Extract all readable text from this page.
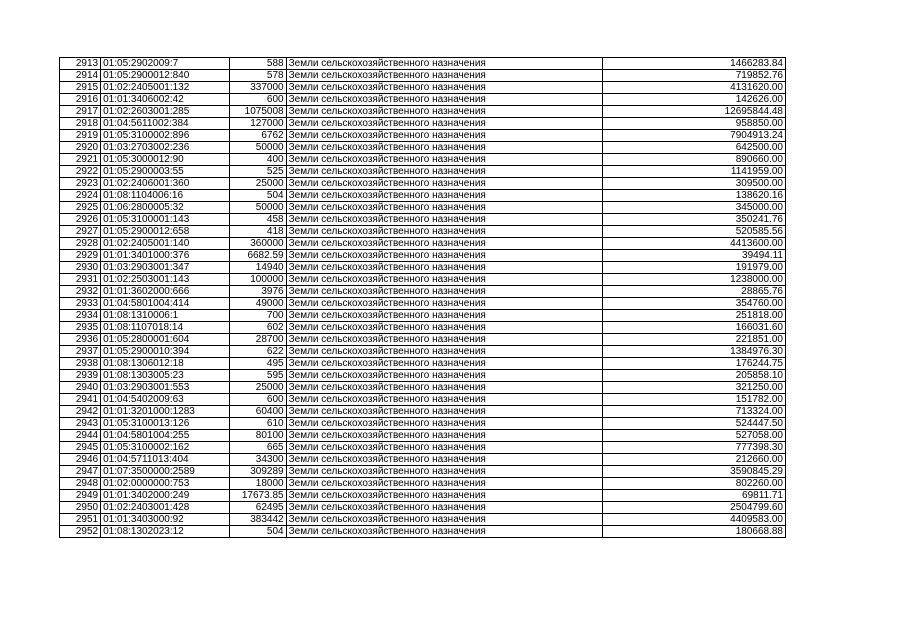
2913	01:05:2902009:7	588	Земли сельскохозяйственного назначения	1466283.84
2914	01:05:2900012:840	578	Земли сельскохозяйственного назначения	719852.76
2915	01:02:2405001:132	337000	Земли сельскохозяйственного назначения	4131620.00
2916	01:01:3406002:42	600	Земли сельскохозяйственного назначения	142626.00
2917	01:02:2603001:285	1075008	Земли сельскохозяйственного назначения	12695844.48
2918	01:04:5611002:384	127000	Земли сельскохозяйственного назначения	958850.00
2919	01:05:3100002:896	6762	Земли сельскохозяйственного назначения	7904913.24
2920	01:03:2703002:236	50000	Земли сельскохозяйственного назначения	642500.00
2921	01:05:3000012:90	400	Земли сельскохозяйственного назначения	890660.00
2922	01:05:2900003:55	525	Земли сельскохозяйственного назначения	1141959.00
2923	01:02:2406001:360	25000	Земли сельскохозяйственного назначения	309500.00
2924	01:08:1104006:16	504	Земли сельскохозяйственного назначения	138620.16
2925	01:06:2800005:32	50000	Земли сельскохозяйственного назначения	345000.00
2926	01:05:3100001:143	458	Земли сельскохозяйственного назначения	350241.76
2927	01:05:2900012:658	418	Земли сельскохозяйственного назначения	520585.56
2928	01:02:2405001:140	360000	Земли сельскохозяйственного назначения	4413600.00
2929	01:01:3401000:376	6682.59	Земли сельскохозяйственного назначения	39494.11
2930	01:03:2903001:347	14940	Земли сельскохозяйственного назначения	191979.00
2931	01:02:2503001:143	100000	Земли сельскохозяйственного назначения	1238000.00
2932	01:01:3602000:666	3976	Земли сельскохозяйственного назначения	28865.76
2933	01:04:5801004:414	49000	Земли сельскохозяйственного назначения	354760.00
2934	01:08:1310006:1	700	Земли сельскохозяйственного назначения	251818.00
2935	01:08:1107018:14	602	Земли сельскохозяйственного назначения	166031.60
2936	01:05:2800001:604	28700	Земли сельскохозяйственного назначения	221851.00
2937	01:05:2900010:394	622	Земли сельскохозяйственного назначения	1384976.30
2938	01:08:1306012:18	495	Земли сельскохозяйственного назначения	176244.75
2939	01:08:1303005:23	595	Земли сельскохозяйственного назначения	205858.10
2940	01:03:2903001:553	25000	Земли сельскохозяйственного назначения	321250.00
2941	01:04:5402009:63	600	Земли сельскохозяйственного назначения	151782.00
2942	01:01:3201000:1283	60400	Земли сельскохозяйственного назначения	713324.00
2943	01:05:3100013:126	610	Земли сельскохозяйственного назначения	524447.50
2944	01:04:5801004:255	80100	Земли сельскохозяйственного назначения	527058.00
2945	01:05:3100002:162	665	Земли сельскохозяйственного назначения	777398.30
2946	01:04:5711013:404	34300	Земли сельскохозяйственного назначения	212660.00
2947	01:07:3500000:2589	309289	Земли сельскохозяйственного назначения	3590845.29
2948	01:02:0000000:753	18000	Земли сельскохозяйственного назначения	802260.00
2949	01:01:3402000:249	17673.85	Земли сельскохозяйственного назначения	69811.71
2950	01:02:2403001:428	62495	Земли сельскохозяйственного назначения	2504799.60
2951	01:01:3403000:92	383442	Земли сельскохозяйственного назначения	4409583.00
2952	01:08:1302023:12	504	Земли сельскохозяйственного назначения	180668.88
